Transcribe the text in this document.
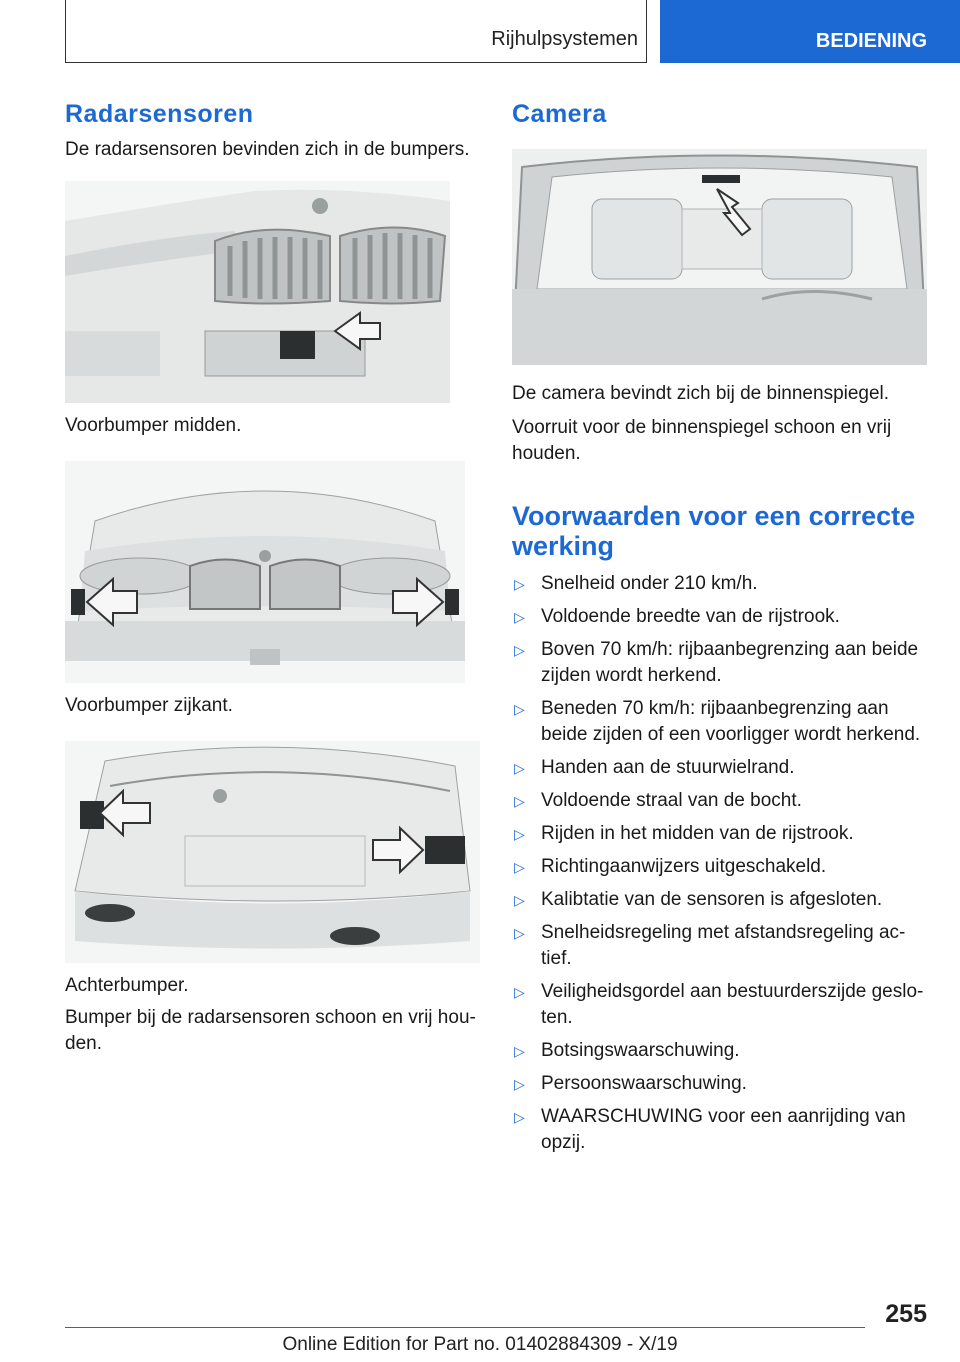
Rijhulpsystemen	BEDIENING
Radarsensoren

De radarsensoren bevinden zich in de bumpers.

Voorbumper midden.

Voorbumper zijkant.

Achterbumper.

Bumper bij de radarsensoren schoon en vrij hou-den.

Camera

De camera bevindt zich bij de binnenspiegel.

Voorruit voor de binnenspiegel schoon en vrij houden.

Voorwaarden voor een correcte werking
▷ Snelheid onder 210 km/h.
▷ Voldoende breedte van de rijstrook.
▷ Boven 70 km/h: rijbaanbegrenzing aan beide zijden wordt herkend.
▷ Beneden 70 km/h: rijbaanbegrenzing aan beide zijden of een voorligger wordt herkend.
▷ Handen aan de stuurwielrand.
▷ Voldoende straal van de bocht.
▷ Rijden in het midden van de rijstrook.
▷ Richtingaanwijzers uitgeschakeld.
▷ Kalibtatie van de sensoren is afgesloten.
▷ Snelheidsregeling met afstandsregeling ac-tief.
▷ Veiligheidsgordel aan bestuurderszijde geslo-ten.
▷ Botsingswaarschuwing.
▷ Persoonswaarschuwing.
▷ WAARSCHUWING voor een aanrijding van opzij.
255
Online Edition for Part no. 01402884309 - X/19
